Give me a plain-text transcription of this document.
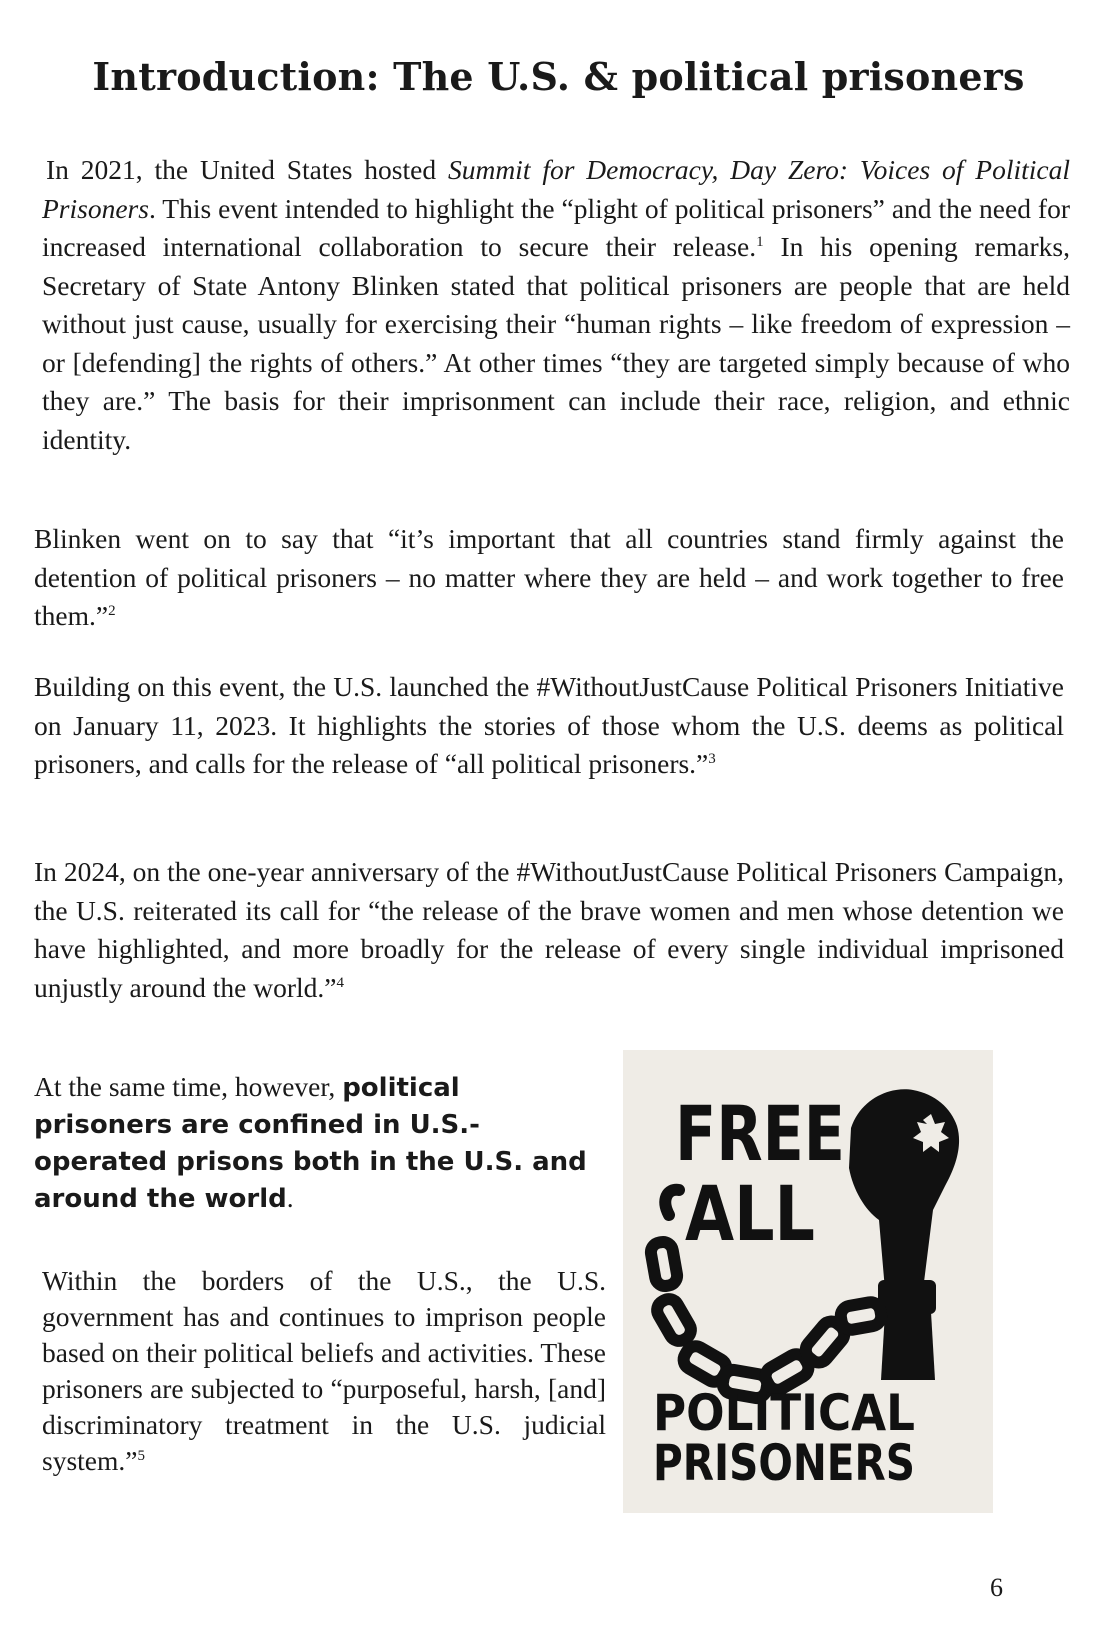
Introduction: The U.S. & political prisoners

In 2021, the United States hosted Summit for Democracy, Day Zero: Voices of Political Prisoners. This event intended to highlight the “plight of political prisoners” and the need for increased international collaboration to secure their release.$^1$ In his opening remarks, Secretary of State Antony Blinken stated that political prisoners are people that are held without just cause, usually for exercising their “human rights – like freedom of expression – or [defending] the rights of others.” At other times “they are targeted simply because of who they are.” The basis for their imprisonment can include their race, religion, and ethnic identity.

Blinken went on to say that “it’s important that all countries stand firmly against the detention of political prisoners – no matter where they are held – and work together to free them.”$^2$

Building on this event, the U.S. launched the #WithoutJustCause Political Prisoners Initiative on January 11, 2023. It highlights the stories of those whom the U.S. deems as political prisoners, and calls for the release of “all political prisoners.”$^3$

In 2024, on the one-year anniversary of the #WithoutJustCause Political Prisoners Campaign, the U.S. reiterated its call for “the release of the brave women and men whose detention we have highlighted, and more broadly for the release of every single individual imprisoned unjustly around the world.”$^4$

At the same time, however, political prisoners are confined in U.S.-operated prisons both in the U.S. and around the world.

Within the borders of the U.S., the U.S. government has and continues to imprison people based on their political beliefs and activities. These prisoners are subjected to “purposeful, harsh, [and] discriminatory treatment in the U.S. judicial system.”$^5$

FREE
ALL
POLITICAL
PRISONERS

6
